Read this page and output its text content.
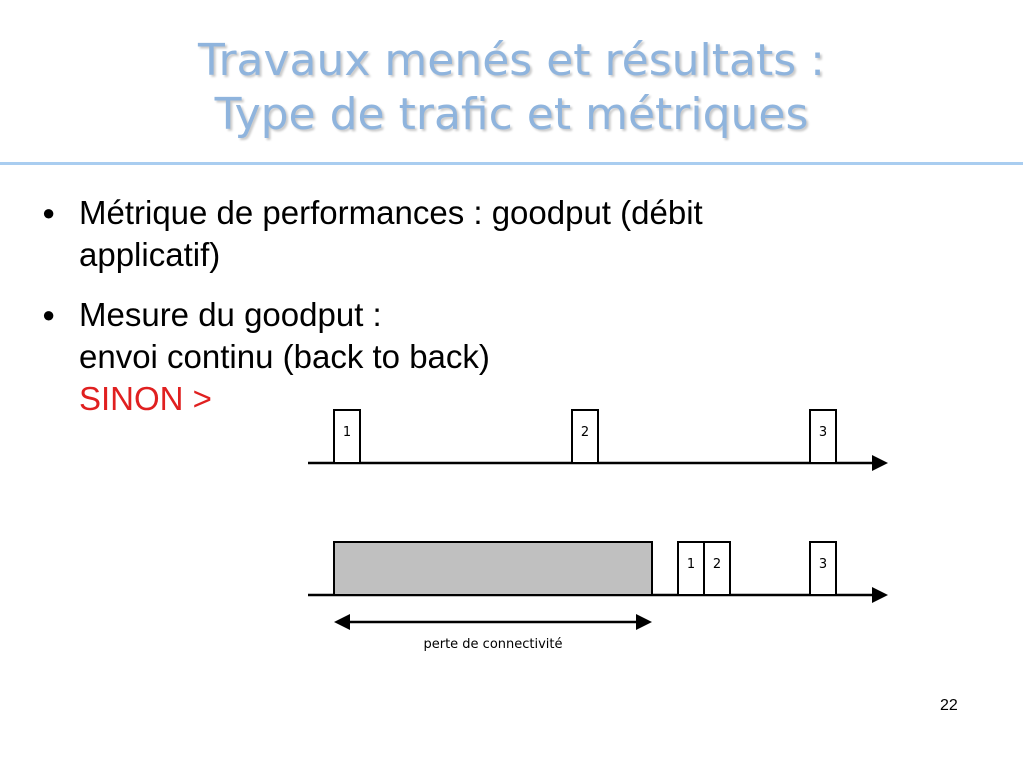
Travaux menés et résultats :
Type de trafic et métriques
● Métrique de performances : goodput (débit
applicatif)
● Mesure du goodput :
envoi continu (back to back)
SINON >
1	2	3
1 2	3
perte de connectivité
22
